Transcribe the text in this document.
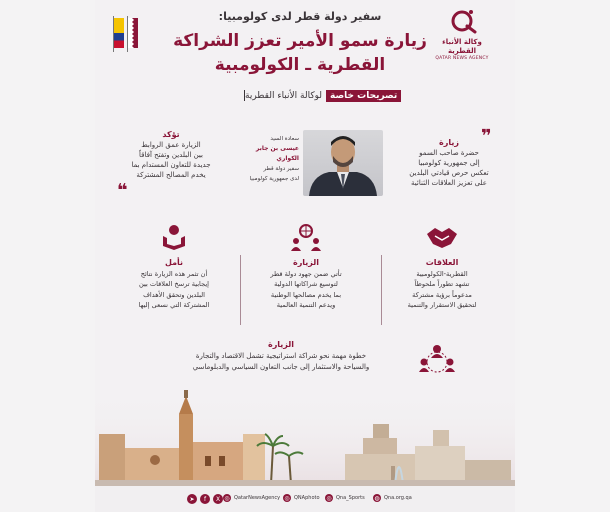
وكالة الأنباء القطرية
QATAR NEWS AGENCY
سفير دولة قطر لدى كولومبيا:
زيارة سمو الأمير تعزز الشراكة
القطرية ـ الكولومبية
تصريحات خاصةلوكالة الأنباء القطرية
❞
زيارة
حضرة صاحب السمو
إلى جمهورية كولومبيا
تعكس حرص قيادتي البلدين
على تعزيز العلاقات الثنائية
تؤكد
الزيارة عمق الروابط
بين البلدين وتفتح آفاقاً
جديدة للتعاون المستدام بما
يخدم المصالح المشتركة
❝
سعادة السيد
عيسى بن جابر الكواري
سفير دولة قطر
لدى جمهورية كولومبيا
العلاقات
القطرية-الكولومبية
تشهد تطوراً ملحوظاً
مدعوماً برؤية مشتركة
لتحقيق الاستقرار والتنمية
الزيارة
تأتي ضمن جهود دولة قطر
لتوسيع شراكاتها الدولية
بما يخدم مصالحها الوطنية
ويدعم التنمية العالمية
نأمل
أن تثمر هذه الزيارة نتائج
إيجابية ترسخ العلاقات بين
البلدين وتحقق الأهداف
المشتركة التي نسعى إليها
الزيارة
خطوة مهمة نحو شراكة استراتيجية تشمل الاقتصاد والتجارة
والسياحة والاستثمار إلى جانب التعاون السياسي والدبلوماسي
➤	f	X ◎ QatarNewsAgency ◎ QNAphoto ◎ Qna_Sports ◍ Qna.org.qa
